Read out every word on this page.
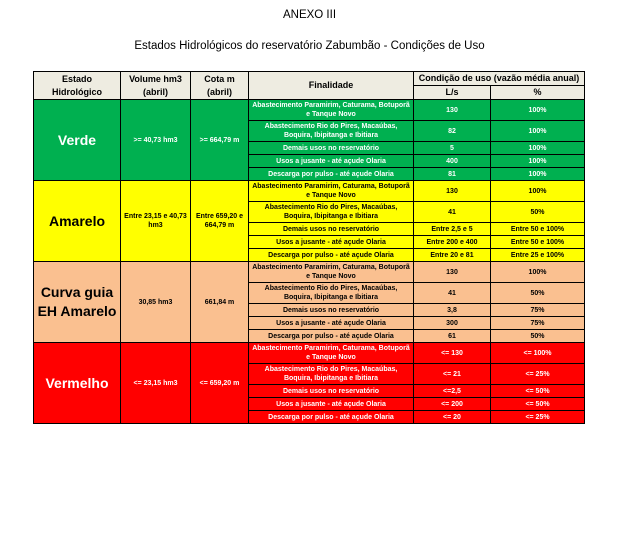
ANEXO III
Estados Hidrológicos do reservatório Zabumbão - Condições de Uso
Estado Hidrológico	Volume hm3 (abril)	Cota m (abril)	Finalidade	Condição de uso (vazão média anual)	
				L/s	%
Verde	>= 40,73 hm3	>= 664,79 m	Abastecimento Paramirim, Caturama, Botuporã e Tanque Novo	130	100%
			Abastecimento Rio do Pires, Macaúbas, Boquira, Ibipitanga e Ibitiara	82	100%
			Demais usos no reservatório	5	100%
			Usos a jusante - até açude Olaria	400	100%
			Descarga por pulso - até açude Olaria	81	100%
Amarelo	Entre 23,15 e 40,73 hm3	Entre 659,20 e 664,79 m	Abastecimento Paramirim, Caturama, Botuporã e Tanque Novo	130	100%
			Abastecimento Rio do Pires, Macaúbas, Boquira, Ibipitanga e Ibitiara	41	50%
			Demais usos no reservatório	Entre 2,5 e 5	Entre 50 e 100%
			Usos a jusante - até açude Olaria	Entre 200 e 400	Entre 50 e 100%
			Descarga por pulso - até açude Olaria	Entre 20 e 81	Entre 25 e 100%
Curva guia EH Amarelo	30,85 hm3	661,84 m	Abastecimento Paramirim, Caturama, Botuporã e Tanque Novo	130	100%
			Abastecimento Rio do Pires, Macaúbas, Boquira, Ibipitanga e Ibitiara	41	50%
			Demais usos no reservatório	3,8	75%
			Usos a jusante - até açude Olaria	300	75%
			Descarga por pulso - até açude Olaria	61	50%
Vermelho	<= 23,15 hm3	<= 659,20 m	Abastecimento Paramirim, Caturama, Botuporã e Tanque Novo	<= 130	<= 100%
			Abastecimento Rio do Pires, Macaúbas, Boquira, Ibipitanga e Ibitiara	<= 21	<= 25%
			Demais usos no reservatório	<=2,5	<= 50%
			Usos a jusante - até açude Olaria	<= 200	<= 50%
			Descarga por pulso - até açude Olaria	<= 20	<= 25%
